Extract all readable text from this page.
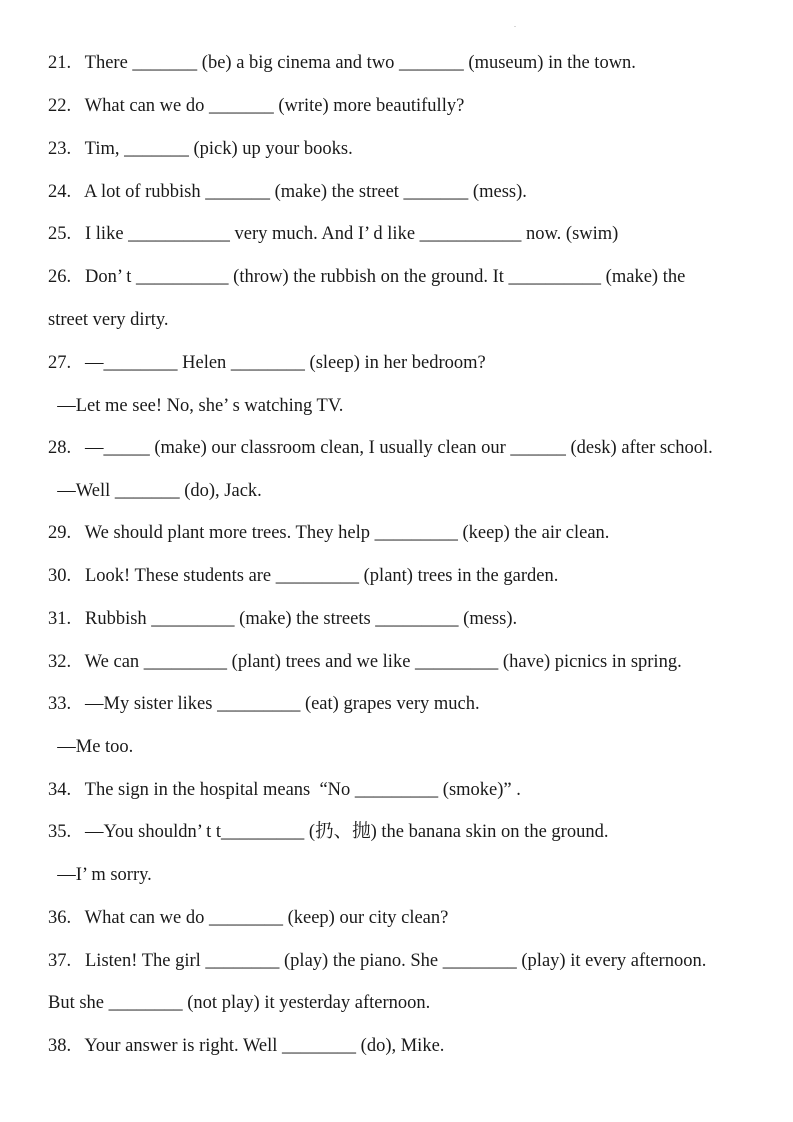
.
21.   There _______ (be) a big cinema and two _______ (museum) in the town.
22.   What can we do _______ (write) more beautifully?
23.   Tim, _______ (pick) up your books.
24.   A lot of rubbish _______ (make) the street _______ (mess).
25.   I like ___________ very much. And I’ d like ___________ now. (swim)
26.   Don’ t __________ (throw) the rubbish on the ground. It __________ (make) the
street very dirty.
27.   —________ Helen ________ (sleep) in her bedroom?
—Let me see! No, she’ s watching TV.
28.   —_____ (make) our classroom clean, I usually clean our ______ (desk) after school.
—Well _______ (do), Jack.
29.   We should plant more trees. They help _________ (keep) the air clean.
30.   Look! These students are _________ (plant) trees in the garden.
31.   Rubbish _________ (make) the streets _________ (mess).
32.   We can _________ (plant) trees and we like _________ (have) picnics in spring.
33.   —My sister likes _________ (eat) grapes very much.
—Me too.
34.   The sign in the hospital means  “No _________ (smoke)” .
35.   —You shouldn’ t t_________ (扔、抛) the banana skin on the ground.
—I’ m sorry.
36.   What can we do ________ (keep) our city clean?
37.   Listen! The girl ________ (play) the piano. She ________ (play) it every afternoon.
But she ________ (not play) it yesterday afternoon.
38.   Your answer is right. Well ________ (do), Mike.
